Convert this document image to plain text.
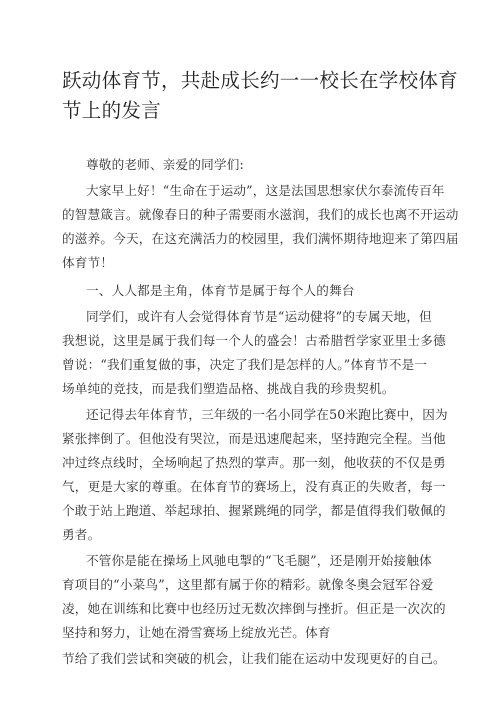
跃动体育节，共赴成长约一一校长在学校体育节上的发言
尊敬的老师、亲爱的同学们:
大家早上好！“生命在于运动”，这是法国思想家伏尔泰流传百年
的智慧箴言。就像春日的种子需要雨水滋润，我们的成长也离不开运动
的滋养。今天，在这充满活力的校园里，我们满怀期待地迎来了第四届
体育节！
一、人人都是主角，体育节是属于每个人的舞台
同学们，或许有人会觉得体育节是“运动健将”的专属天地，但
我想说，这里是属于我们每一个人的盛会！古希腊哲学家亚里士多德
曾说：“我们重复做的事，决定了我们是怎样的人。”体育节不是一
场单纯的竞技，而是我们塑造品格、挑战自我的珍贵契机。
还记得去年体育节，三年级的一名小同学在50米跑比赛中，因为
紧张摔倒了。但他没有哭泣，而是迅速爬起来，坚持跑完全程。当他
冲过终点线时，全场响起了热烈的掌声。那一刻，他收获的不仅是勇
气，更是大家的尊重。在体育节的赛场上，没有真正的失败者，每一
个敢于站上跑道、举起球拍、握紧跳绳的同学，都是值得我们敬佩的
勇者。
不管你是能在操场上风驰电掣的“飞毛腿”，还是刚开始接触体
育项目的“小菜鸟”，这里都有属于你的精彩。就像冬奥会冠军谷爱
凌，她在训练和比赛中也经历过无数次摔倒与挫折。但正是一次次的
坚持和努力，让她在滑雪赛场上绽放光芒。体育
节给了我们尝试和突破的机会，让我们能在运动中发现更好的自己。
